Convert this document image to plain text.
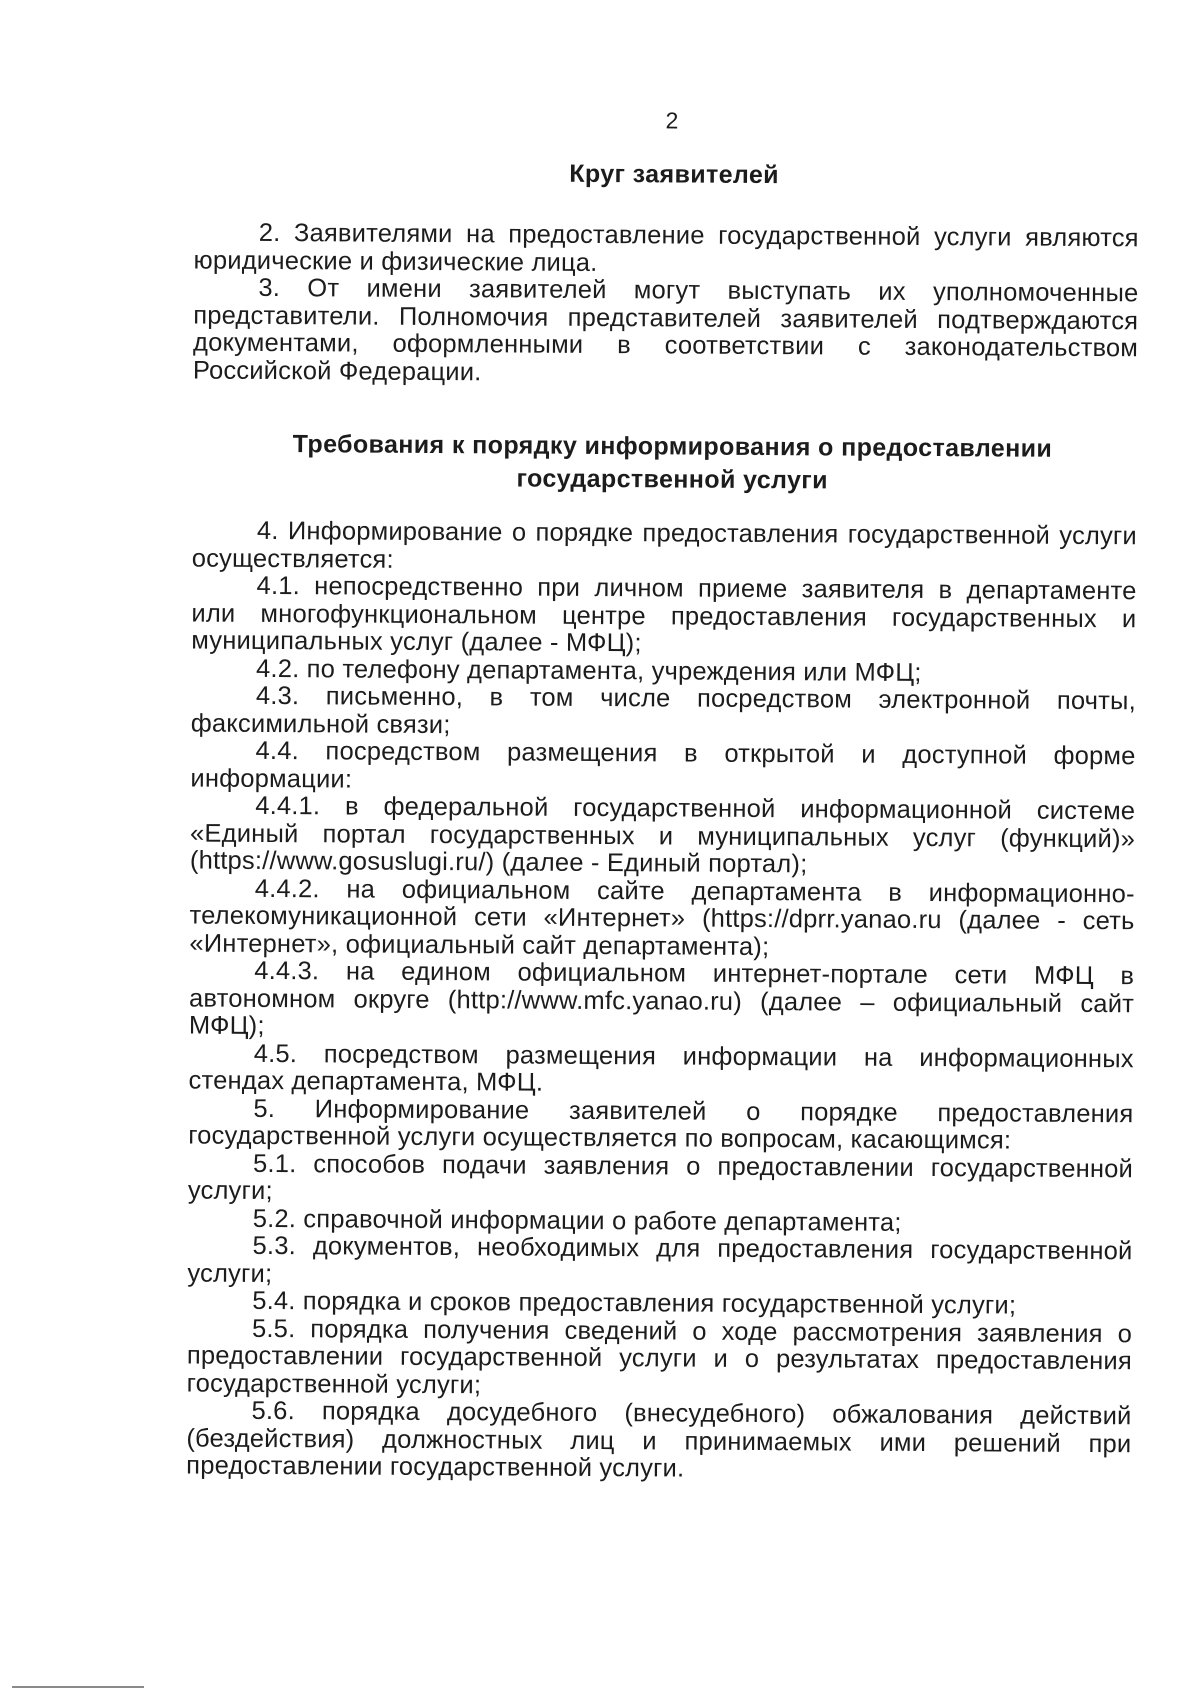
2
Круг заявителей

2. Заявителями на предоставление государственной услуги являются юридические и физические лица.

3. От имени заявителей могут выступать их уполномоченные представители. Полномочия представителей заявителей подтверждаются документами, оформленными в соответствии с законодательством Российской Федерации.

Требования к порядку информирования о предоставлении государственной услуги

4. Информирование о порядке предоставления государственной услуги осуществляется:

4.1. непосредственно при личном приеме заявителя в департаменте или многофункциональном центре предоставления государственных и муниципальных услуг (далее - МФЦ);

4.2. по телефону департамента, учреждения или МФЦ;

4.3. письменно, в том числе посредством электронной почты, факсимильной связи;

4.4. посредством размещения в открытой и доступной форме информации:

4.4.1. в федеральной государственной информационной системе «Единый портал государственных и муниципальных услуг (функций)» (https://www.gosuslugi.ru/) (далее - Единый портал);

4.4.2. на официальном сайте департамента в информационно-телекомуникационной сети «Интернет» (https://dprr.yanao.ru (далее - сеть «Интернет», официальный сайт департамента);

4.4.3. на едином официальном интернет-портале сети МФЦ в автономном округе (http://www.mfc.yanao.ru) (далее – официальный сайт МФЦ);

4.5. посредством размещения информации на информационных стендах департамента, МФЦ.

5. Информирование заявителей о порядке предоставления государственной услуги осуществляется по вопросам, касающимся:

5.1. способов подачи заявления о предоставлении государственной услуги;

5.2. справочной информации о работе департамента;

5.3. документов, необходимых для предоставления государственной услуги;

5.4. порядка и сроков предоставления государственной услуги;

5.5. порядка получения сведений о ходе рассмотрения заявления о предоставлении государственной услуги и о результатах предоставления государственной услуги;

5.6. порядка досудебного (внесудебного) обжалования действий (бездействия) должностных лиц и принимаемых ими решений при предоставлении государственной услуги.
